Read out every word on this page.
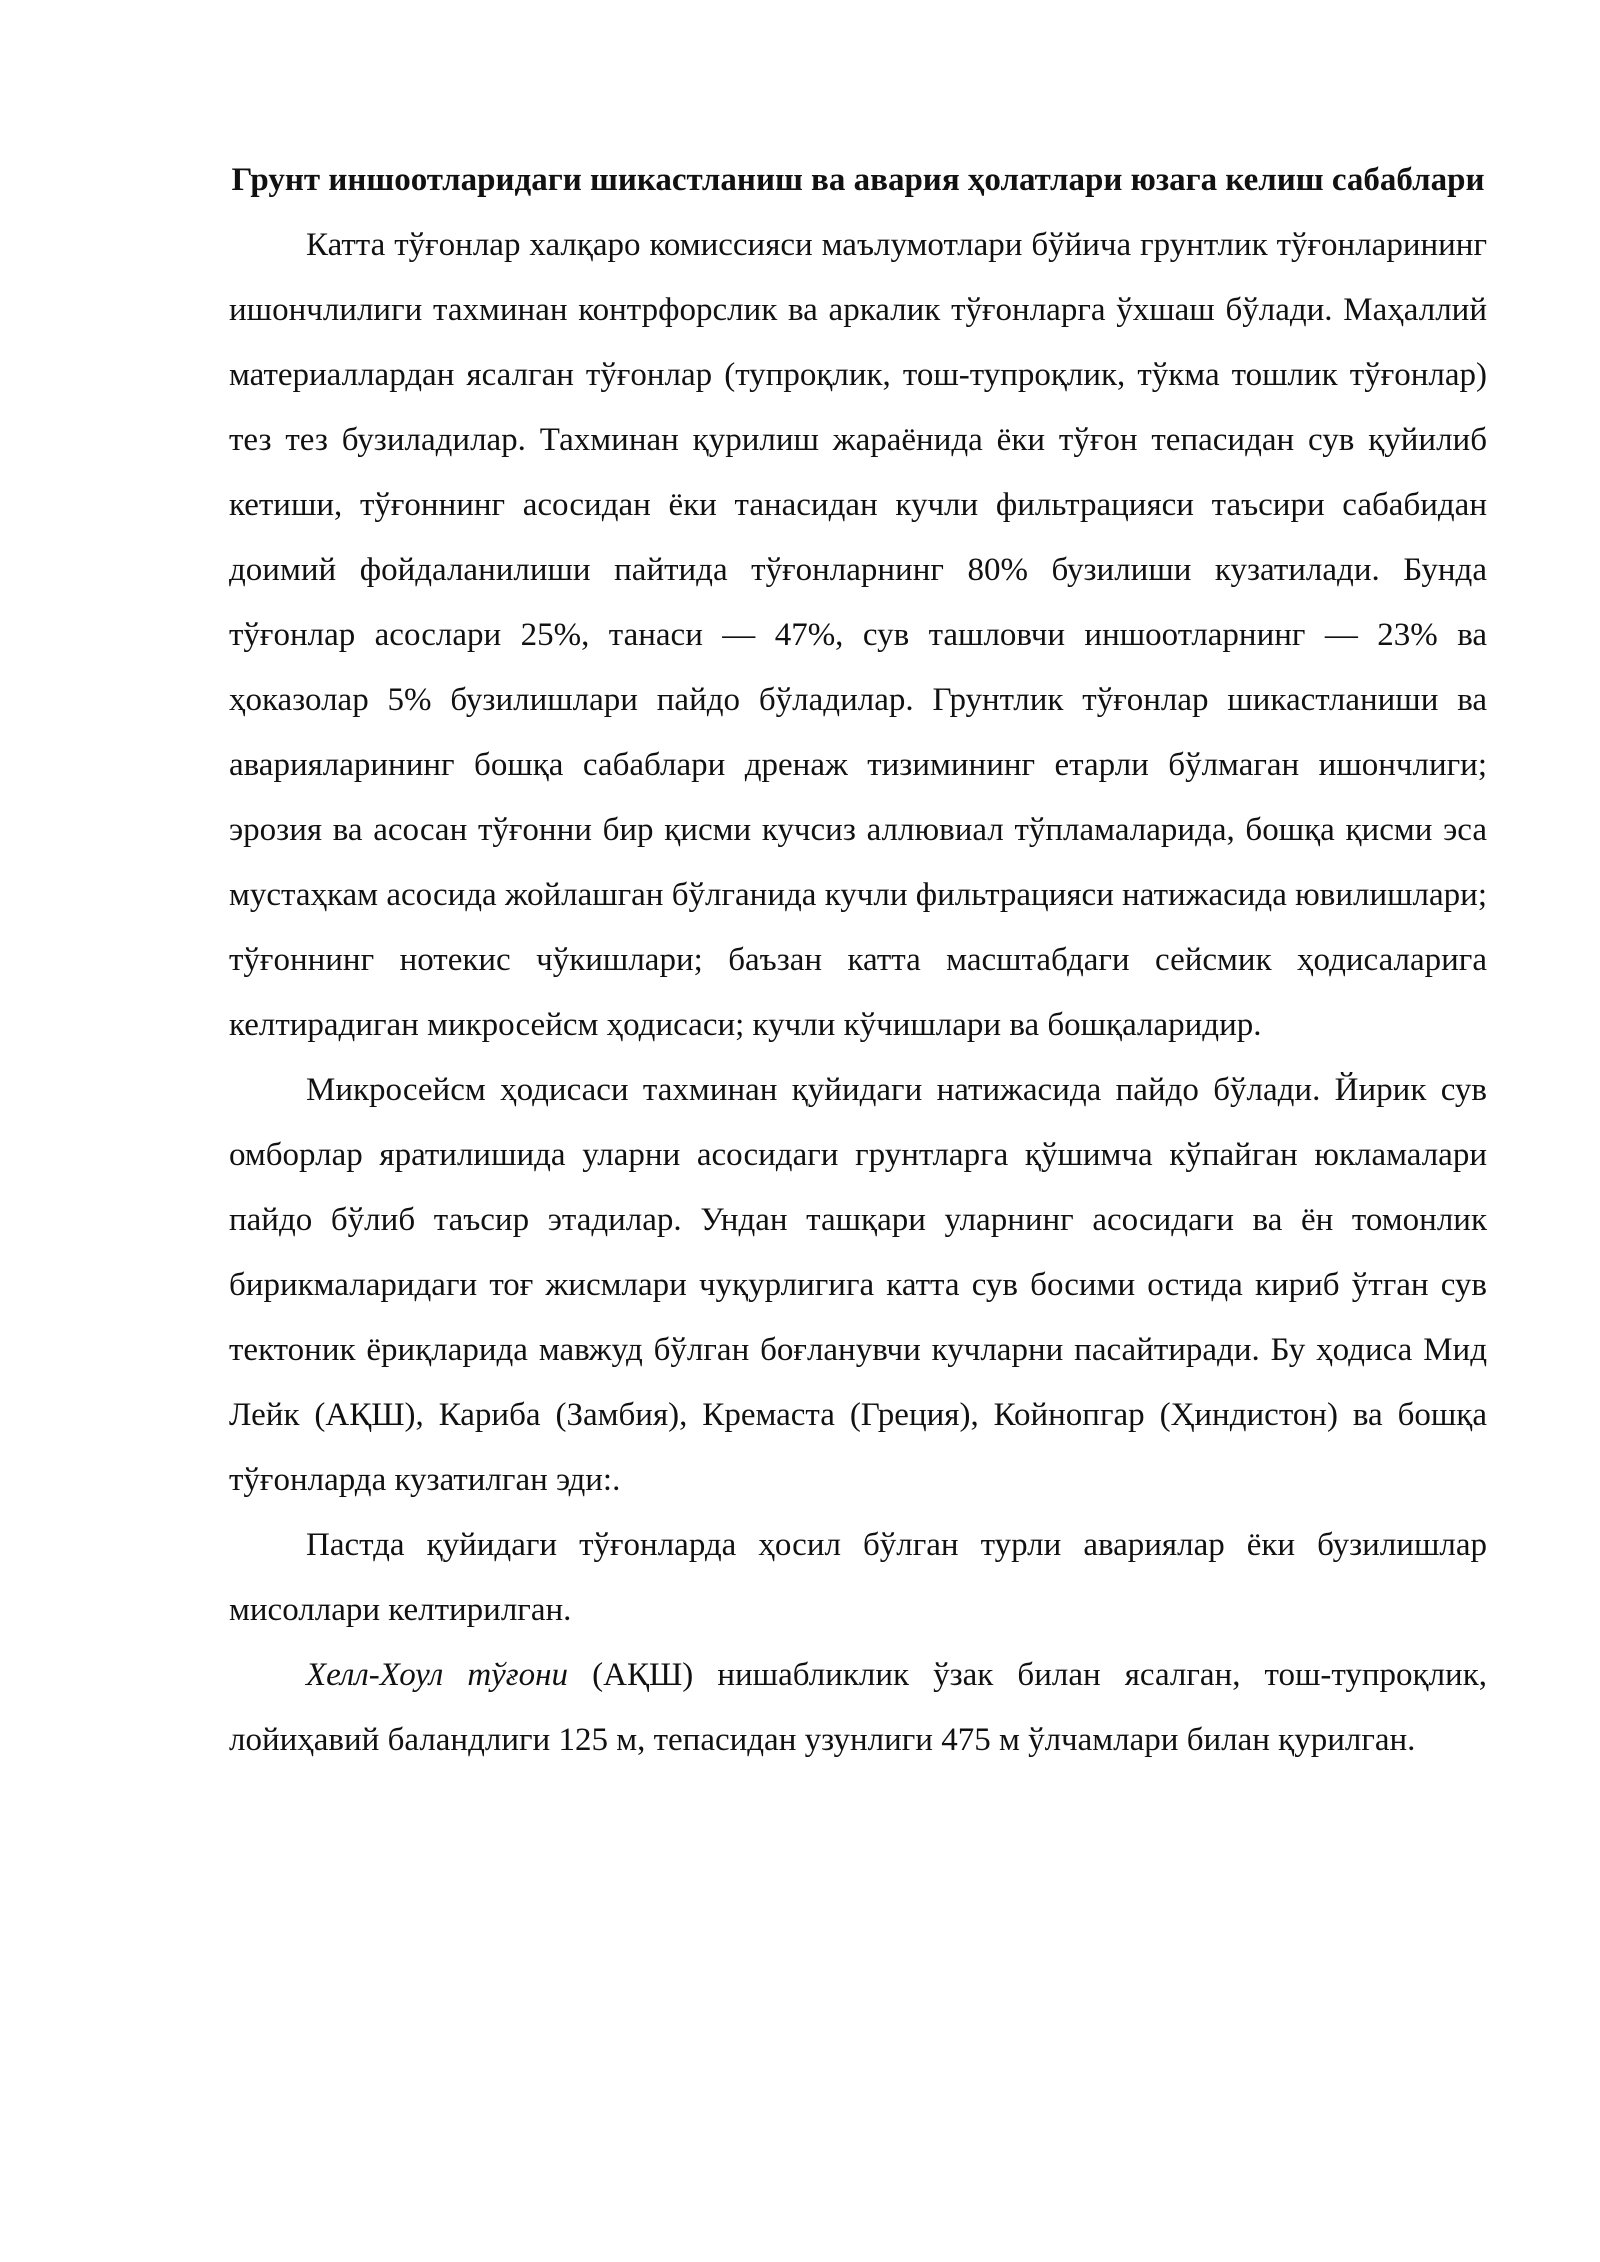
Грунт иншоотларидаги шикастланиш ва авария ҳолатлари юзага келиш сабаблари

Катта тўғонлар халқаро комиссияси маълумотлари бўйича грунтлик тўғонларининг ишончлилиги тахминан контрфорслик ва аркалик тўғонларга ўхшаш бўлади. Маҳаллий материаллардан ясалган тўғонлар (тупроқлик, тош-тупроқлик, тўкма тошлик тўғонлар) тез тез бузиладилар. Тахминан қурилиш жараёнида ёки тўғон тепасидан сув қуйилиб кетиши, тўғоннинг асосидан ёки танасидан кучли фильтрацияси таъсири сабабидан доимий фойдаланилиши пайтида тўғонларнинг 80% бузилиши кузатилади. Бунда тўғонлар асослари 25%, танаси — 47%, сув ташловчи иншоотларнинг — 23% ва ҳоказолар 5% бузилишлари пайдо бўладилар. Грунтлик тўғонлар шикастланиши ва аварияларининг бошқа сабаблари дренаж тизимининг етарли бўлмаган ишончлиги; эрозия ва асосан тўғонни бир қисми кучсиз аллювиал тўпламаларида, бошқа қисми эса мустаҳкам асосида жойлашган бўлганида кучли фильтрацияси натижасида ювилишлари; тўғоннинг нотекис чўкишлари; баъзан катта масштабдаги сейсмик ҳодисаларига келтирадиган микросейсм ҳодисаси; кучли кўчишлари ва бошқаларидир.

Микросейсм ҳодисаси тахминан қуйидаги натижасида пайдо бўлади. Йирик сув омборлар яратилишида уларни асосидаги грунтларга қўшимча кўпайган юкламалари пайдо бўлиб таъсир этадилар. Ундан ташқари уларнинг асосидаги ва ён томонлик бирикмаларидаги тоғ жисмлари чуқурлигига катта сув босими остида кириб ўтган сув тектоник ёриқларида мавжуд бўлган боғланувчи кучларни пасайтиради. Бу ҳодиса Мид Лейк (АҚШ), Кариба (Замбия), Кремаста (Греция), Койнопгар (Ҳиндистон) ва бошқа тўғонларда кузатилган эди:.

Пастда қуйидаги тўғонларда ҳосил бўлган турли авариялар ёки бузилишлар мисоллари келтирилган.

Хелл-Хоул тўғони (АҚШ) нишабликлик ўзак билан ясалган, тош-тупроқлик, лойиҳавий баландлиги 125 м, тепасидан узунлиги 475 м ўлчамлари билан қурилган.
